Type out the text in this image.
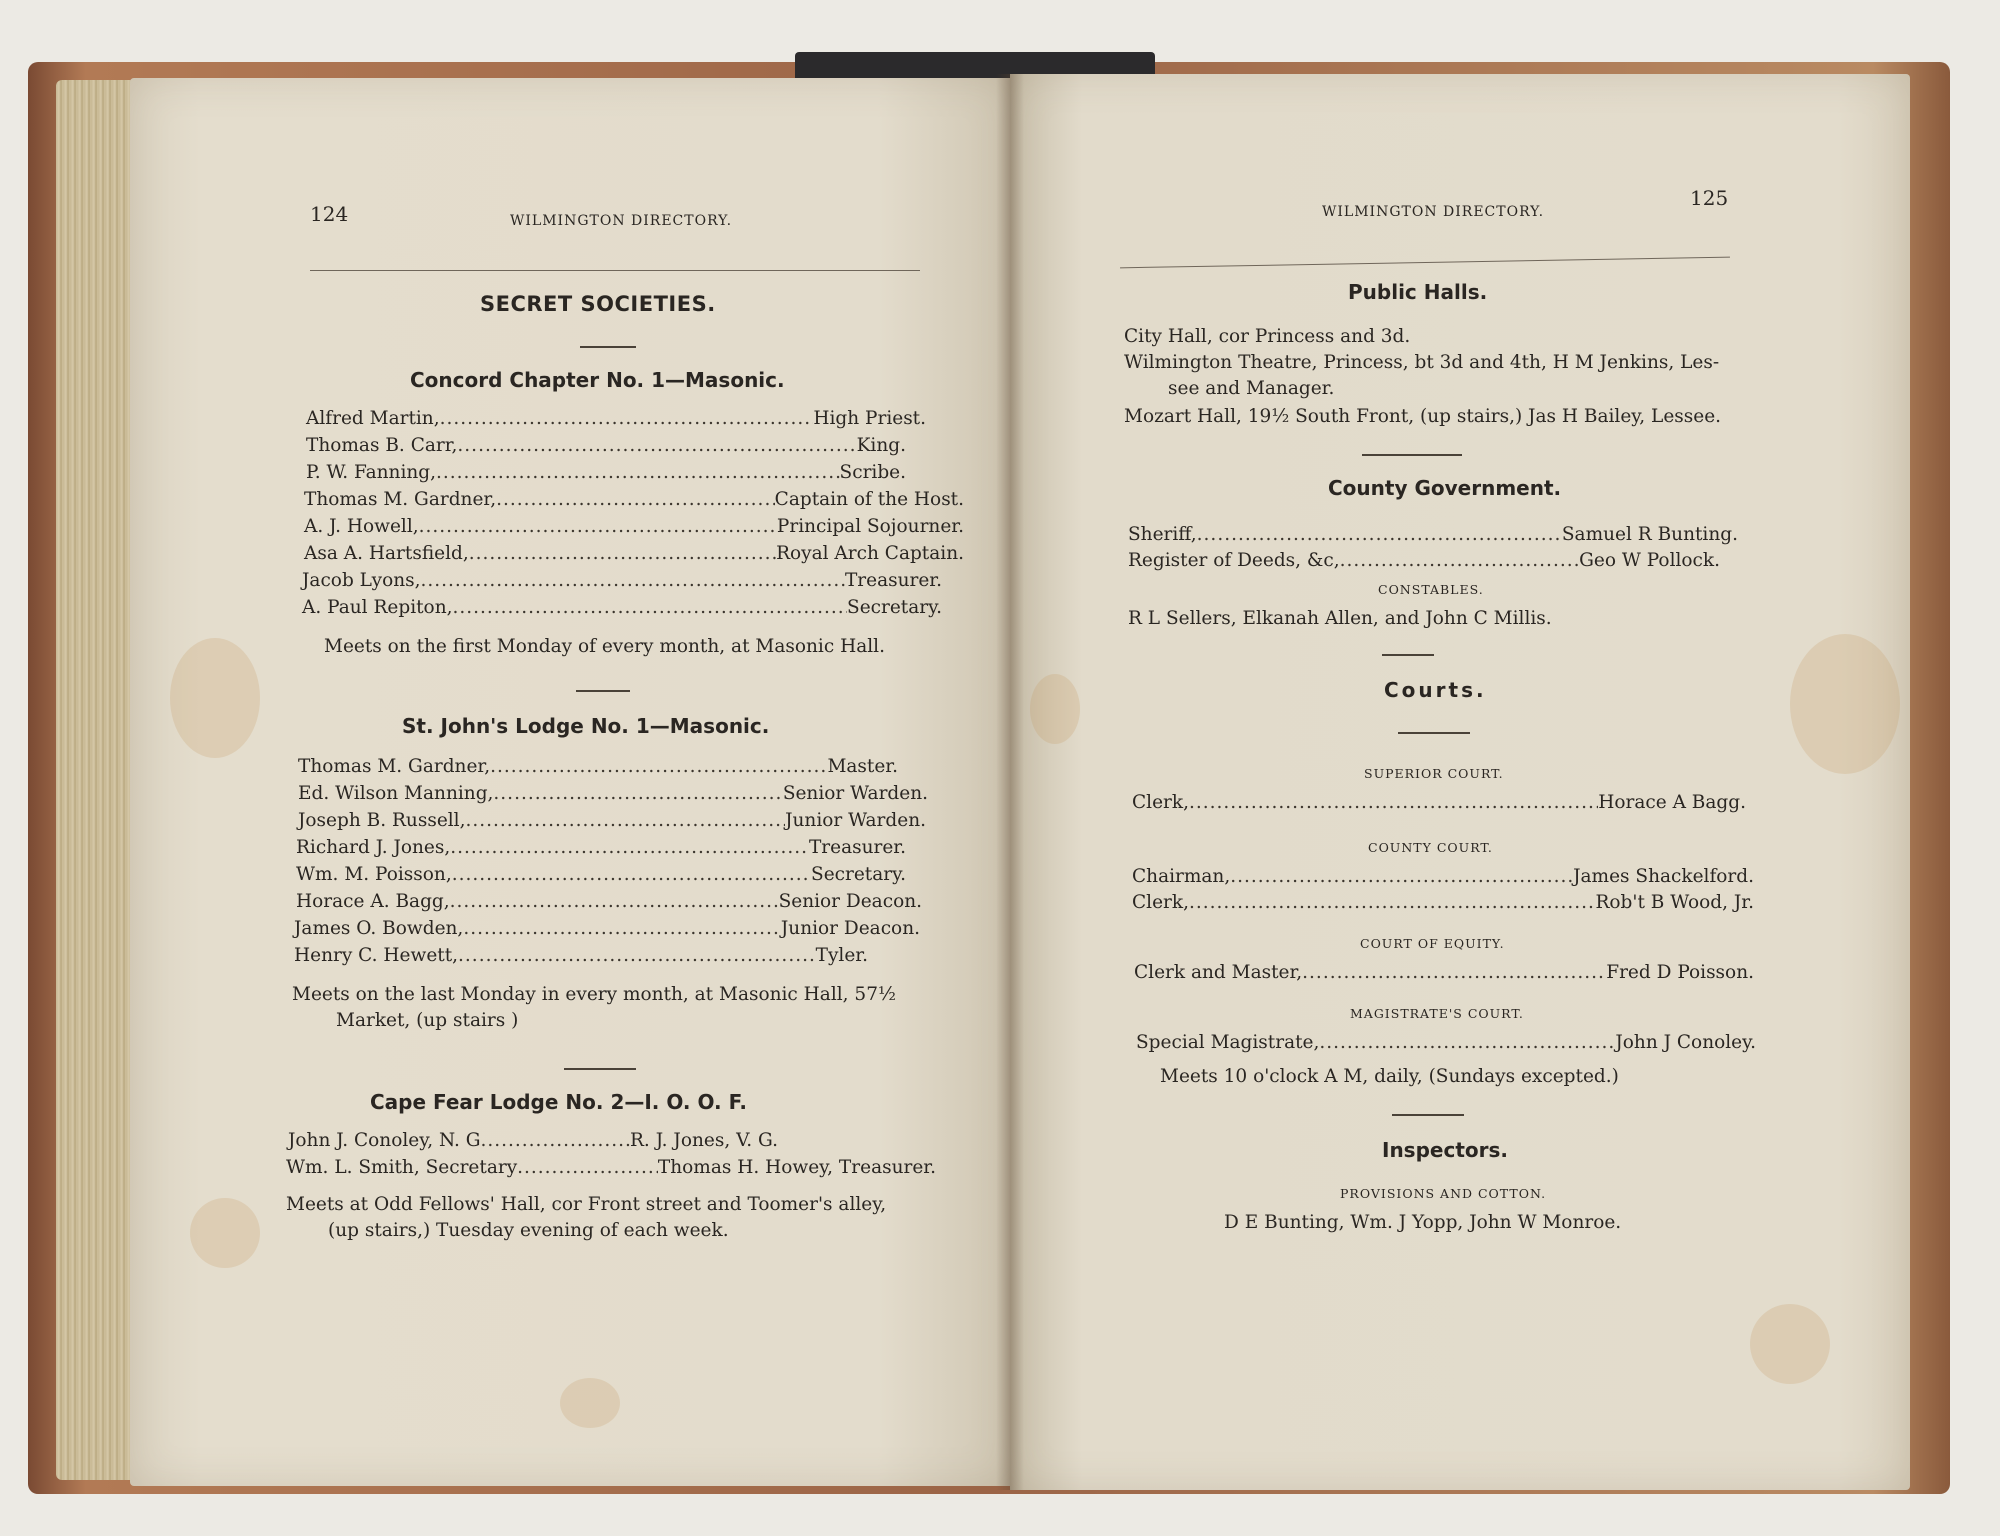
124	WILMINGTON DIRECTORY.
SECRET SOCIETIES.
Concord Chapter No. 1—Masonic.
Alfred Martin, .....	High Priest.
Thomas B. Carr, .....	King.
P. W. Fanning, .....	Scribe.
Thomas M. Gardner, .....	Captain of the Host.
A. J. Howell, .....	Principal Sojourner.
Asa A. Hartsfield, .....	Royal Arch Captain.
Jacob Lyons, .....	Treasurer.
A. Paul Repiton, .....	Secretary.
Meets on the first Monday of every month, at Masonic Hall.
St. John's Lodge No. 1—Masonic.
Thomas M. Gardner, .....	Master.
Ed. Wilson Manning, .....	Senior Warden.
Joseph B. Russell, .....	Junior Warden.
Richard J. Jones, .....	Treasurer.
Wm. M. Poisson, .....	Secretary.
Horace A. Bagg, .....	Senior Deacon.
James O. Bowden, .....	Junior Deacon.
Henry C. Hewett, .....	Tyler.
Meets on the last Monday in every month, at Masonic Hall, 57½
Market, (up stairs )
Cape Fear Lodge No. 2—I. O. O. F.
John J. Conoley, N. G .....	R. J. Jones, V. G.
Wm. L. Smith, Secretary .....	Thomas H. Howey, Treasurer.
Meets at Odd Fellows' Hall, cor Front street and Toomer's alley,
(up stairs,) Tuesday evening of each week.
125
WILMINGTON DIRECTORY.
Public Halls.
City Hall, cor Princess and 3d.
Wilmington Theatre, Princess, bt 3d and 4th, H M Jenkins, Les-
see and Manager.
Mozart Hall, 19½ South Front, (up stairs,) Jas H Bailey, Lessee.
County Government.
Sheriff, .....	Samuel R Bunting.
Register of Deeds, &c, .....	Geo W Pollock.
CONSTABLES.
R L Sellers, Elkanah Allen, and John C Millis.
Courts.
SUPERIOR COURT.
Clerk, .....	Horace A Bagg.
COUNTY COURT.
Chairman, .....	James Shackelford.
Clerk, .....	Rob't B Wood, Jr.
COURT OF EQUITY.
Clerk and Master, .....	Fred D Poisson.
MAGISTRATE'S COURT.
Special Magistrate, .....	John J Conoley.
Meets 10 o'clock A M, daily, (Sundays excepted.)
Inspectors.
PROVISIONS AND COTTON.
D E Bunting, Wm. J Yopp, John W Monroe.
